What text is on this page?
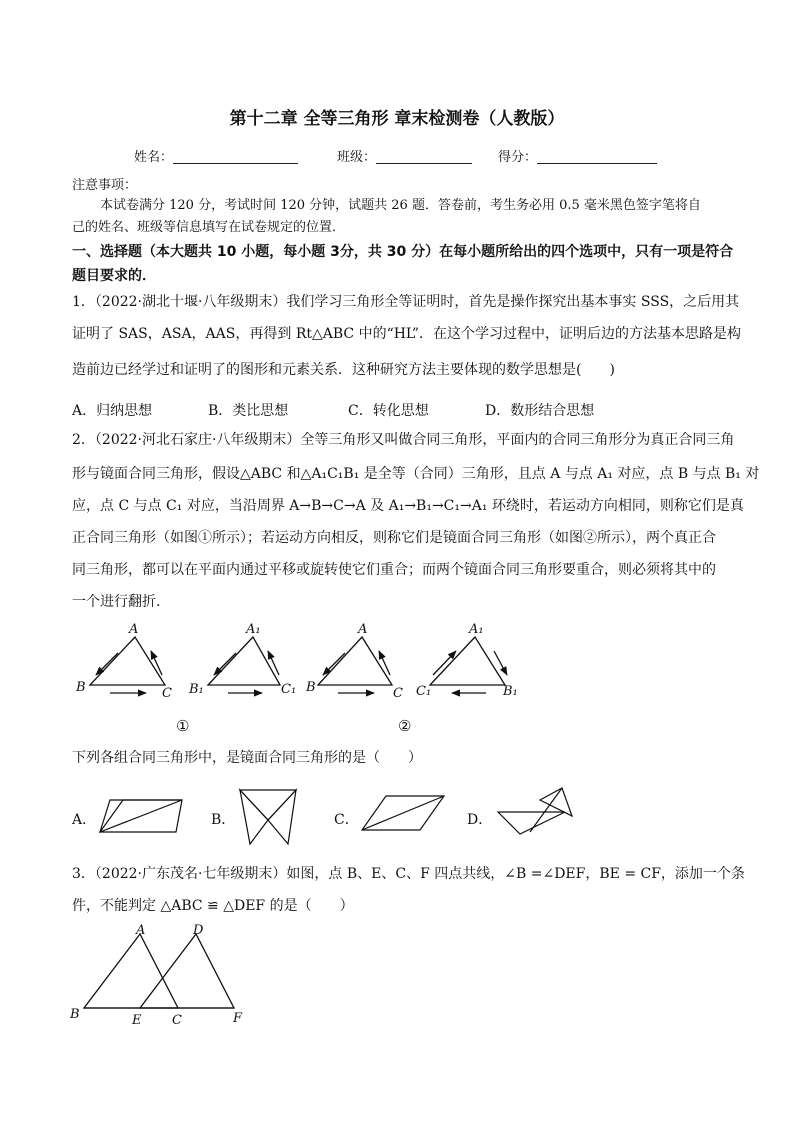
第十二章 全等三角形 章末检测卷（人教版）
姓名：	班级：	得分：
注意事项：
本试卷满分 120 分，考试时间 120 分钟，试题共 26 题．答卷前，考生务必用 0.5 毫米黑色签字笔将自
己的姓名、班级等信息填写在试卷规定的位置．
一、选择题（本大题共 10 小题，每小题 3分，共 30 分）在每小题所给出的四个选项中，只有一项是符合
题目要求的．
1．（2022·湖北十堰·八年级期末）我们学习三角形全等证明时，首先是操作探究出基本事实 SSS，之后用其
证明了 SAS，ASA，AAS，再得到 Rt△ABC 中的“HL”．在这个学习过程中，证明后边的方法基本思路是构
造前边已经学过和证明了的图形和元素关系．这种研究方法主要体现的数学思想是(　　)
A．归纳思想	B．类比思想	C．转化思想	D．数形结合思想
2．（2022·河北石家庄·八年级期末）全等三角形又叫做合同三角形，平面内的合同三角形分为真正合同三角
形与镜面合同三角形，假设△ABC 和△A₁C₁B₁ 是全等（合同）三角形，且点 A 与点 A₁ 对应，点 B 与点 B₁ 对
应，点 C 与点 C₁ 对应，当沿周界 A→B→C→A 及 A₁→B₁→C₁→A₁ 环绕时，若运动方向相同，则称它们是真
正合同三角形（如图①所示）；若运动方向相反，则称它们是镜面合同三角形（如图②所示），两个真正合
同三角形，都可以在平面内通过平移或旋转使它们重合；而两个镜面合同三角形要重合，则必须将其中的
一个进行翻折．
A
B	C
A₁
B₁	C₁
A
B	C
A₁
C₁	B₁
①	②
下列各组合同三角形中，是镜面合同三角形的是（　　）
A．	B．	C．	D．
3．（2022·广东茂名·七年级期末）如图，点 B、E、C、F 四点共线，∠B =∠DEF，BE = CF，添加一个条
件，不能判定 △ABC ≌ △DEF 的是（　　）
A	D
B	E C	F
